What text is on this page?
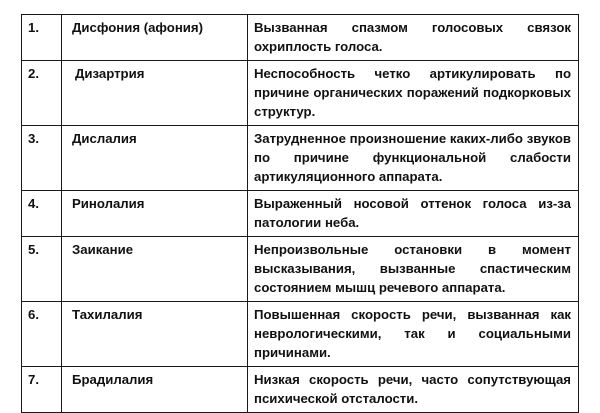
1.	Дисфония (афония)	Вызванная спазмом голосовых связок охриплость голоса.
2.	Дизартрия	Неспособность четко артикулировать по причине органических поражений подкорковых структур.
3.	Дислалия	Затрудненное произношение каких-либо звуков по причине функциональной слабости артикуляционного аппарата.
4.	Ринолалия	Выраженный носовой оттенок голоса из-за патологии неба.
5.	Заикание	Непроизвольные остановки в момент высказывания, вызванные спастическим состоянием мышц речевого аппарата.
6.	Тахилалия	Повышенная скорость речи, вызванная как неврологическими, так и социальными причинами.
7.	Брадилалия	Низкая скорость речи, часто сопутствующая психической отсталости.
